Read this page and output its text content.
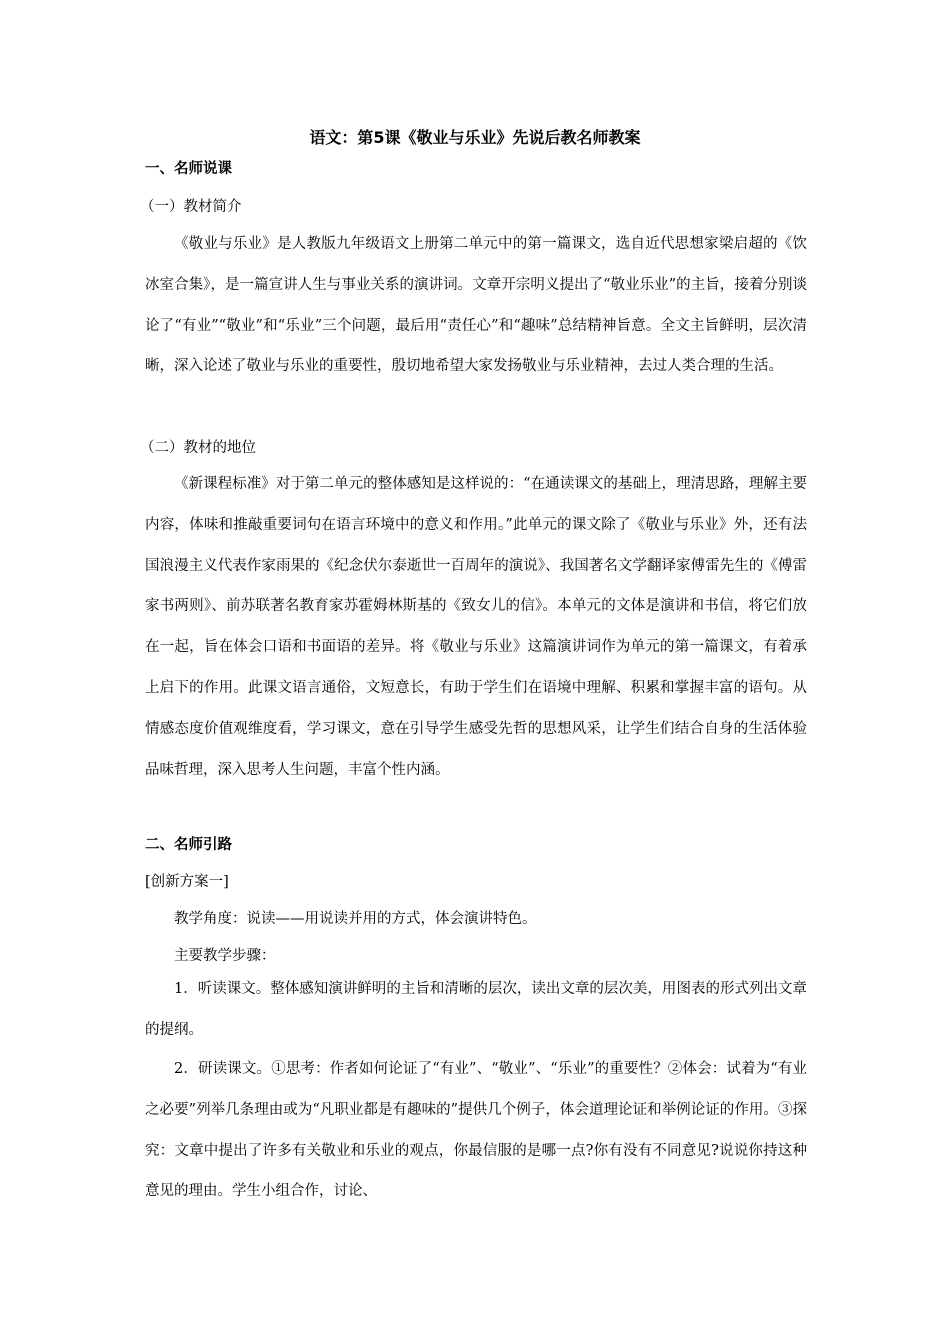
语文：第5课《敬业与乐业》先说后教名师教案
一、名师说课
（一）教材简介

《敬业与乐业》是人教版九年级语文上册第二单元中的第一篇课文，选自近代思想家梁启超的《饮冰室合集》，是一篇宣讲人生与事业关系的演讲词。文章开宗明义提出了“敬业乐业”的主旨，接着分别谈论了“有业”“敬业”和“乐业”三个问题，最后用“责任心”和“趣味”总结精神旨意。全文主旨鲜明，层次清晰，深入论述了敬业与乐业的重要性，殷切地希望大家发扬敬业与乐业精神，去过人类合理的生活。

（二）教材的地位

《新课程标准》对于第二单元的整体感知是这样说的：“在通读课文的基础上，理清思路，理解主要内容，体味和推敲重要词句在语言环境中的意义和作用。”此单元的课文除了《敬业与乐业》外，还有法国浪漫主义代表作家雨果的《纪念伏尔泰逝世一百周年的演说》、我国著名文学翻译家傅雷先生的《傅雷家书两则》、前苏联著名教育家苏霍姆林斯基的《致女儿的信》。本单元的文体是演讲和书信，将它们放在一起，旨在体会口语和书面语的差异。将《敬业与乐业》这篇演讲词作为单元的第一篇课文，有着承上启下的作用。此课文语言通俗，文短意长，有助于学生们在语境中理解、积累和掌握丰富的语句。从情感态度价值观维度看，学习课文，意在引导学生感受先哲的思想风采，让学生们结合自身的生活体验品味哲理，深入思考人生问题，丰富个性内涵。

二、名师引路
[创新方案一]
教学角度：说读——用说读并用的方式，体会演讲特色。
主要教学步骤：

1．听读课文。整体感知演讲鲜明的主旨和清晰的层次，读出文章的层次美，用图表的形式列出文章的提纲。

2．研读课文。①思考：作者如何论证了“有业”、“敬业”、“乐业”的重要性？②体会：试着为“有业之必要”列举几条理由或为“凡职业都是有趣味的”提供几个例子，体会道理论证和举例论证的作用。③探究：文章中提出了许多有关敬业和乐业的观点，你最信服的是哪一点?你有没有不同意见?说说你持这种意见的理由。学生小组合作，讨论、
